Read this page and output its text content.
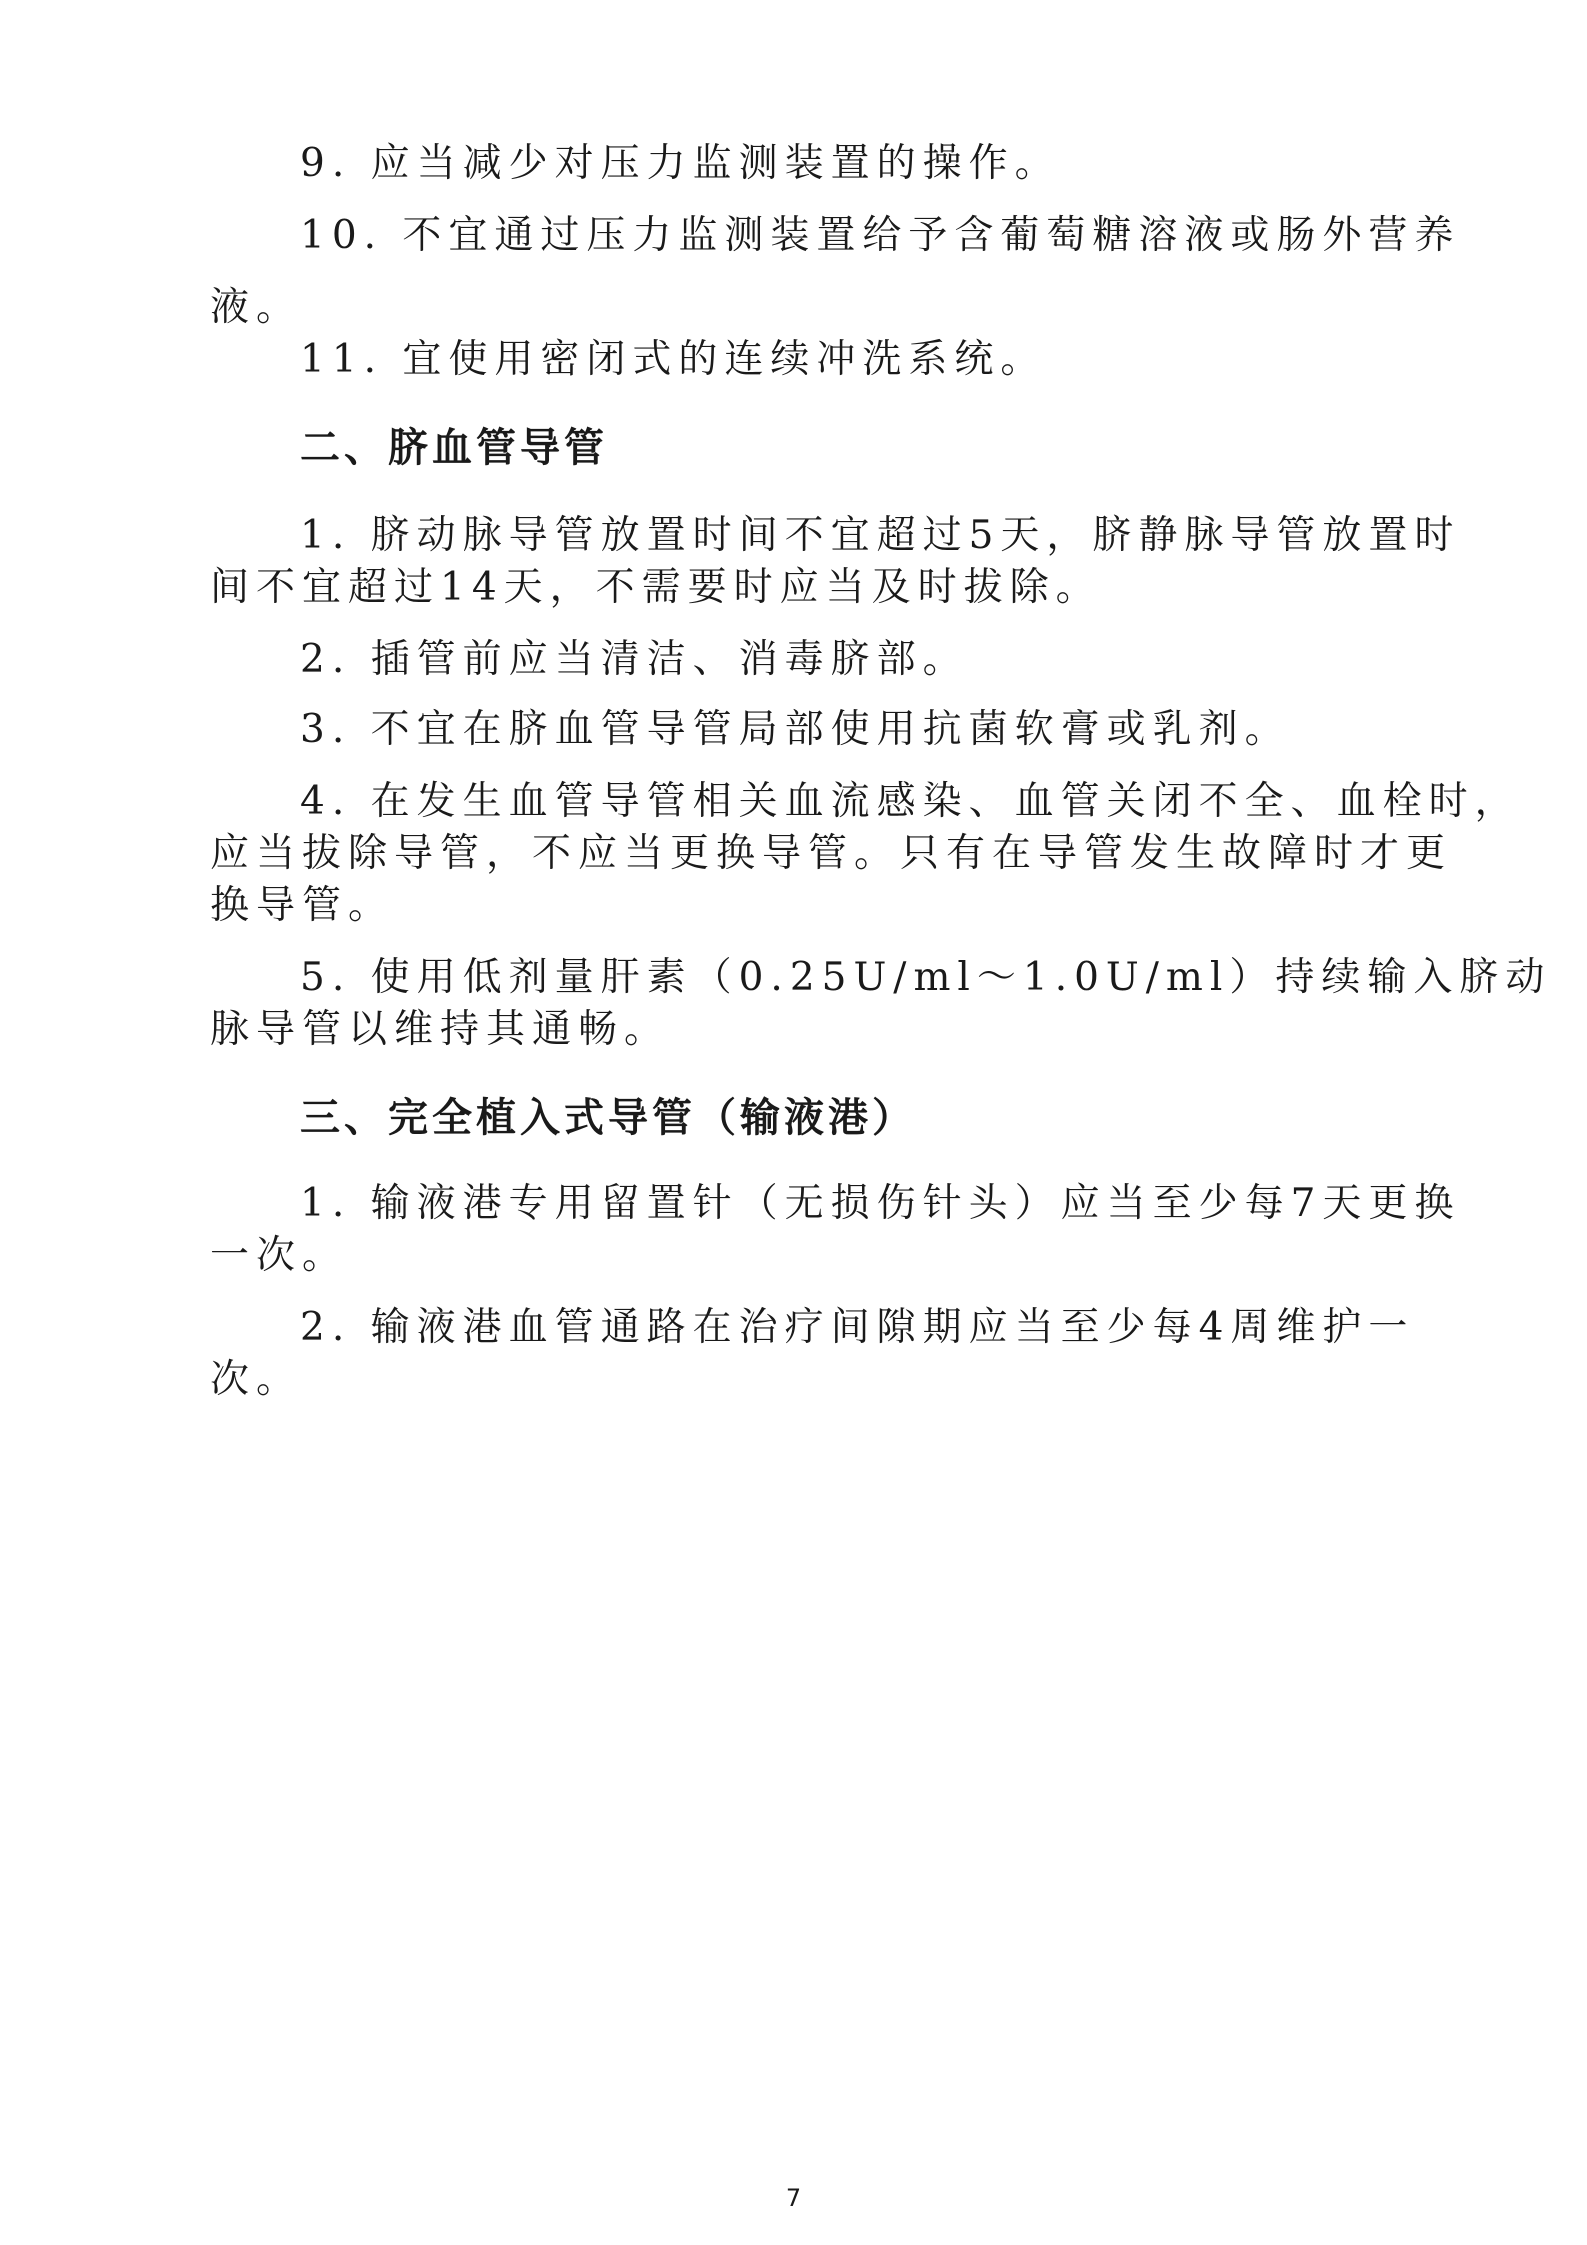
9. 应当减少对压力监测装置的操作。

10. 不宜通过压力监测装置给予含葡萄糖溶液或肠外营养

液。

11. 宜使用密闭式的连续冲洗系统。

二、脐血管导管

1. 脐动脉导管放置时间不宜超过5天，脐静脉导管放置时

间不宜超过14天，不需要时应当及时拔除。

2. 插管前应当清洁、消毒脐部。

3. 不宜在脐血管导管局部使用抗菌软膏或乳剂。

4. 在发生血管导管相关血流感染、血管关闭不全、血栓时，

应当拔除导管，不应当更换导管。只有在导管发生故障时才更

换导管。

5. 使用低剂量肝素（0.25U/ml～1.0U/ml）持续输入脐动

脉导管以维持其通畅。

三、完全植入式导管（输液港）

1. 输液港专用留置针（无损伤针头）应当至少每7天更换

一次。

2. 输液港血管通路在治疗间隙期应当至少每4周维护一

次。

7
